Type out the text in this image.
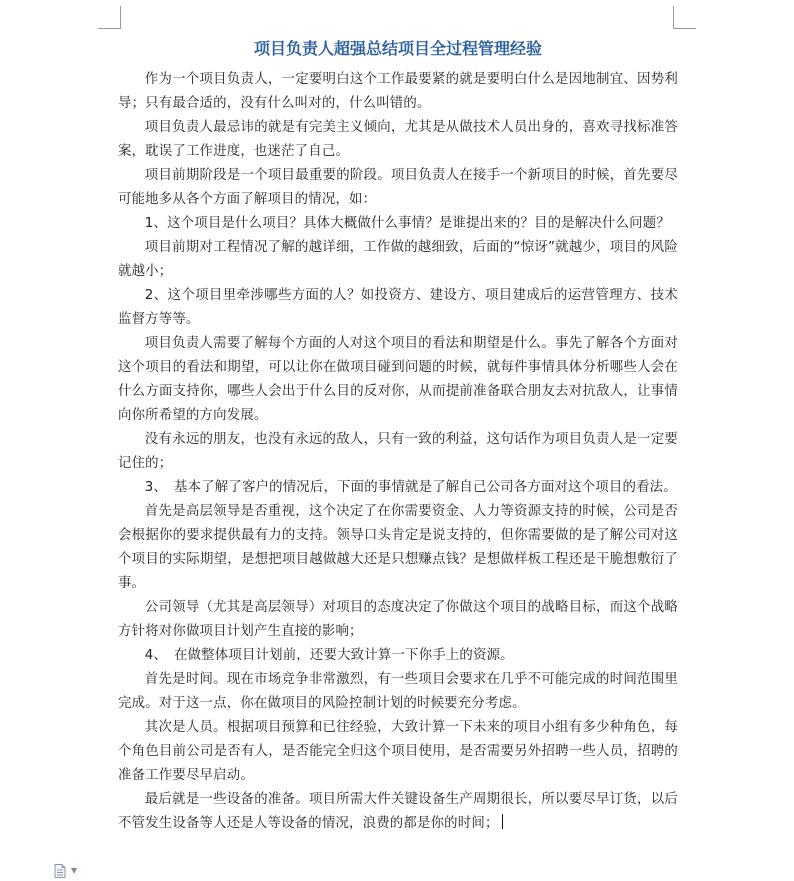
项目负责人超强总结项目全过程管理经验

作为一个项目负责人，一定要明白这个工作最要紧的就是要明白什么是因地制宜、因势利导；只有最合适的，没有什么叫对的，什么叫错的。

项目负责人最忌讳的就是有完美主义倾向，尤其是从做技术人员出身的，喜欢寻找标准答案，耽误了工作进度，也迷茫了自己。

项目前期阶段是一个项目最重要的阶段。项目负责人在接手一个新项目的时候，首先要尽可能地多从各个方面了解项目的情况，如：

1、这个项目是什么项目？具体大概做什么事情？是谁提出来的？目的是解决什么问题？

项目前期对工程情况了解的越详细，工作做的越细致，后面的“惊讶”就越少，项目的风险就越小；

2、这个项目里牵涉哪些方面的人？如投资方、建设方、项目建成后的运营管理方、技术监督方等等。

项目负责人需要了解每个方面的人对这个项目的看法和期望是什么。事先了解各个方面对这个项目的看法和期望，可以让你在做项目碰到问题的时候，就每件事情具体分析哪些人会在什么方面支持你，哪些人会出于什么目的反对你，从而提前准备联合朋友去对抗敌人，让事情向你所希望的方向发展。

没有永远的朋友，也没有永远的敌人，只有一致的利益，这句话作为项目负责人是一定要记住的；

3、　基本了解了客户的情况后，下面的事情就是了解自己公司各方面对这个项目的看法。

首先是高层领导是否重视，这个决定了在你需要资金、人力等资源支持的时候，公司是否会根据你的要求提供最有力的支持。领导口头肯定是说支持的，但你需要做的是了解公司对这个项目的实际期望，是想把项目越做越大还是只想赚点钱？是想做样板工程还是干脆想敷衍了事。

公司领导（尤其是高层领导）对项目的态度决定了你做这个项目的战略目标，而这个战略方针将对你做项目计划产生直接的影响；

4、　在做整体项目计划前，还要大致计算一下你手上的资源。

首先是时间。现在市场竞争非常激烈，有一些项目会要求在几乎不可能完成的时间范围里完成。对于这一点，你在做项目的风险控制计划的时候要充分考虑。

其次是人员。根据项目预算和已往经验，大致计算一下未来的项目小组有多少种角色，每个角色目前公司是否有人，是否能完全归这个项目使用，是否需要另外招聘一些人员，招聘的准备工作要尽早启动。

最后就是一些设备的准备。项目所需大件关键设备生产周期很长，所以要尽早订货，以后不管发生设备等人还是人等设备的情况，浪费的都是你的时间；

▼
